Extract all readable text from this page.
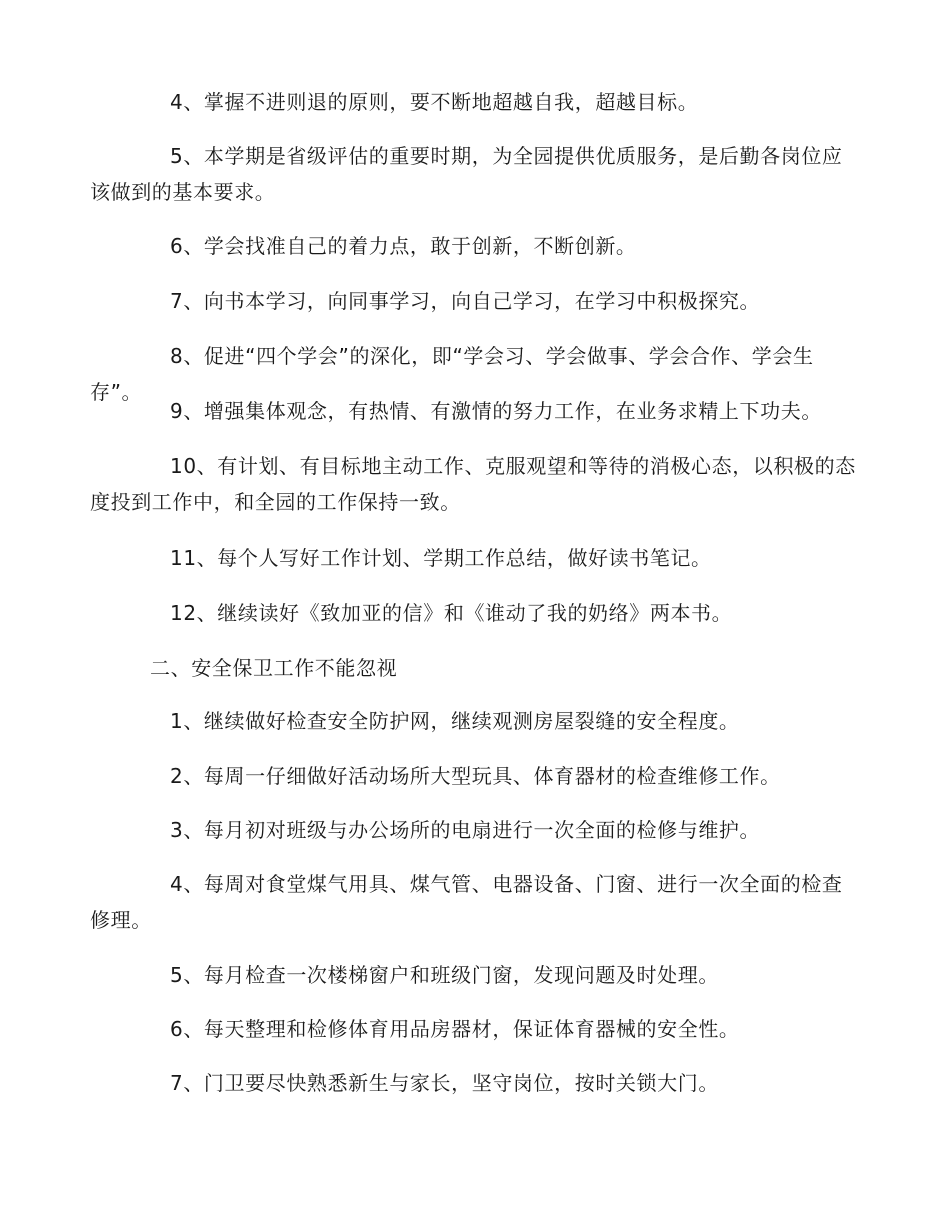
4、掌握不进则退的原则，要不断地超越自我，超越目标。

5、本学期是省级评估的重要时期，为全园提供优质服务，是后勤各岗位应该做到的基本要求。

6、学会找准自己的着力点，敢于创新，不断创新。

7、向书本学习，向同事学习，向自己学习，在学习中积极探究。

8、促进“四个学会”的深化，即“学会习、学会做事、学会合作、学会生存”。

9、增强集体观念，有热情、有激情的努力工作，在业务求精上下功夫。

10、有计划、有目标地主动工作、克服观望和等待的消极心态，以积极的态度投到工作中，和全园的工作保持一致。

11、每个人写好工作计划、学期工作总结，做好读书笔记。

12、继续读好《致加亚的信》和《谁动了我的奶络》两本书。

二、安全保卫工作不能忽视

1、继续做好检查安全防护网，继续观测房屋裂缝的安全程度。

2、每周一仔细做好活动场所大型玩具、体育器材的检查维修工作。

3、每月初对班级与办公场所的电扇进行一次全面的检修与维护。

4、每周对食堂煤气用具、煤气管、电器设备、门窗、进行一次全面的检查修理。

5、每月检查一次楼梯窗户和班级门窗，发现问题及时处理。

6、每天整理和检修体育用品房器材，保证体育器械的安全性。

7、门卫要尽快熟悉新生与家长，坚守岗位，按时关锁大门。
